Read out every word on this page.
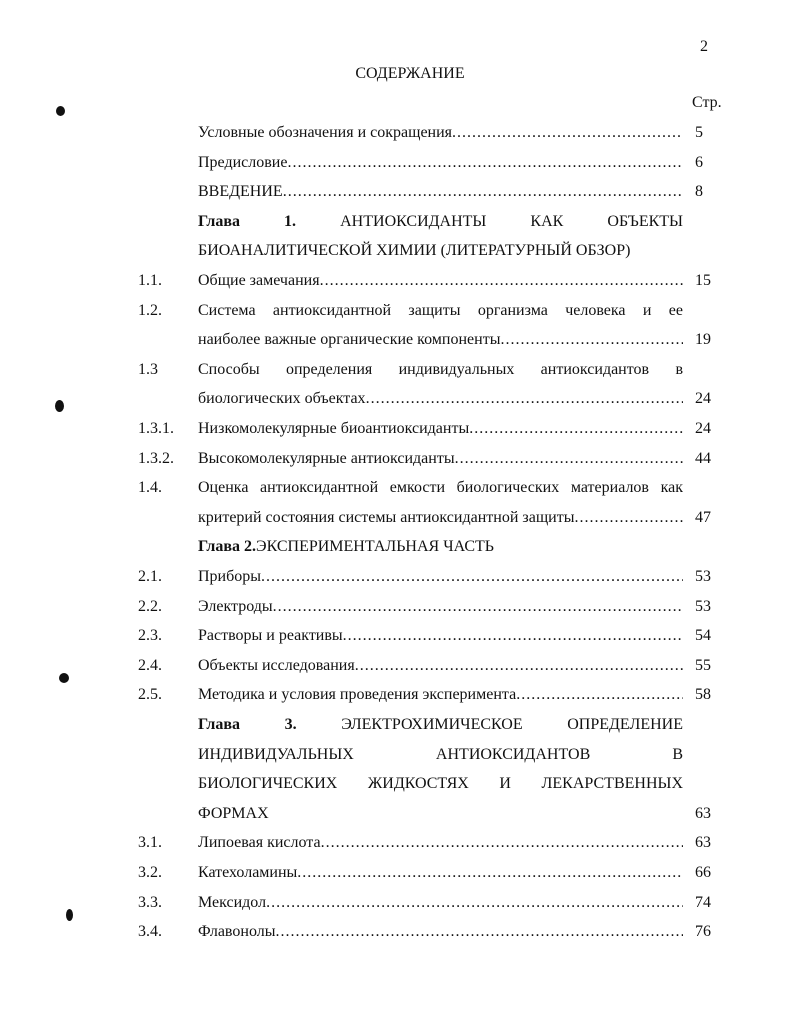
2
СОДЕРЖАНИЕ
Стр.
Условные обозначения и сокращения .....	5
Предисловие .....	6
ВВЕДЕНИЕ .....	8
Глава 1.	АНТИОКСИДАНТЫ КАК ОБЪЕКТЫ
БИОАНАЛИТИЧЕСКОЙ ХИМИИ (ЛИТЕРАТУРНЫЙ ОБЗОР)
1.1. Общие замечания .....	15
1.2. Система антиоксидантной защиты организма человека и ее
наиболее важные органические компоненты .....	19
1.3	Способы определения индивидуальных антиоксидантов в
биологических объектах .....	24
1.3.1. Низкомолекулярные биоантиоксиданты .....	24
1.3.2. Высокомолекулярные антиоксиданты .....	44
1.4. Оценка антиоксидантной емкости биологических материалов как
критерий состояния системы антиоксидантной защиты .....	47
Глава 2. ЭКСПЕРИМЕНТАЛЬНАЯ ЧАСТЬ
2.1. Приборы .....	53
2.2. Электроды .....	53
2.3. Растворы и реактивы .....	54
2.4. Объекты исследования .....	55
2.5. Методика и условия проведения эксперимента .....	58
Глава 3.	ЭЛЕКТРОХИМИЧЕСКОЕ ОПРЕДЕЛЕНИЕ
ИНДИВИДУАЛЬНЫХ АНТИОКСИДАНТОВ В
БИОЛОГИЧЕСКИХ ЖИДКОСТЯХ И ЛЕКАРСТВЕННЫХ
ФОРМАХ	63
3.1. Липоевая кислота .....	63
3.2. Катехоламины .....	66
3.3. Мексидол .....	74
3.4. Флавонолы .....	76
